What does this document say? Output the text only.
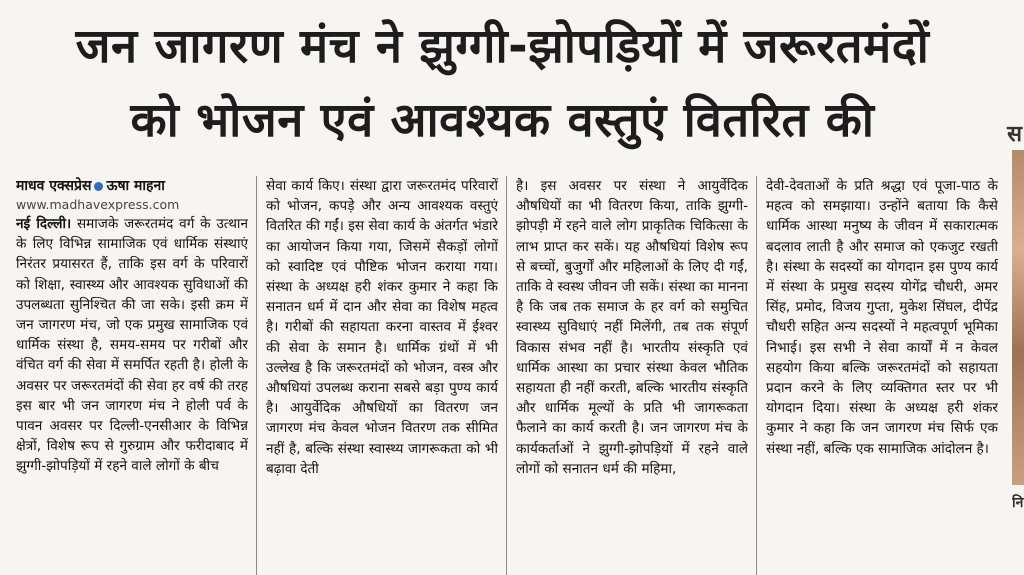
जन जागरण मंच ने झुग्गी-झोपड़ियों में जरूरतमंदों
को भोजन एवं आवश्यक वस्तुएं वितरित की	स
नि
माधव एक्सप्रेस ऊषा माहना
www.madhavexpress.com

नई दिल्ली। समाजके जरूरतमंद वर्ग के उत्थान के लिए विभिन्न सामाजिक एवं धार्मिक संस्थाएं निरंतर प्रयासरत हैं, ताकि इस वर्ग के परिवारों को शिक्षा, स्वास्थ्य और आवश्यक सुविधाओं की उपलब्धता सुनिश्चित की जा सके। इसी क्रम में जन जागरण मंच, जो एक प्रमुख सामाजिक एवं धार्मिक संस्था है, समय-समय पर गरीबों और वंचित वर्ग की सेवा में समर्पित रहती है। होली के अवसर पर जरूरतमंदों की सेवा हर वर्ष की तरह इस बार भी जन जागरण मंच ने होली पर्व के पावन अवसर पर दिल्ली-एनसीआर के विभिन्न क्षेत्रों, विशेष रूप से गुरुग्राम और फरीदाबाद में झुग्गी-झोपड़ियों में रहने वाले लोगों के बीच

सेवा कार्य किए। संस्था द्वारा जरूरतमंद परिवारों को भोजन, कपड़े और अन्य आवश्यक वस्तुएं वितरित की गईं। इस सेवा कार्य के अंतर्गत भंडारे का आयोजन किया गया, जिसमें सैकड़ों लोगों को स्वादिष्ट एवं पौष्टिक भोजन कराया गया। संस्था के अध्यक्ष हरी शंकर कुमार ने कहा कि सनातन धर्म में दान और सेवा का विशेष महत्व है। गरीबों की सहायता करना वास्तव में ईश्वर की सेवा के समान है। धार्मिक ग्रंथों में भी उल्लेख है कि जरूरतमंदों को भोजन, वस्त्र और औषधियां उपलब्ध कराना सबसे बड़ा पुण्य कार्य है। आयुर्वेदिक औषधियों का वितरण जन जागरण मंच केवल भोजन वितरण तक सीमित नहीं है, बल्कि संस्था स्वास्थ्य जागरूकता को भी बढ़ावा देती

है। इस अवसर पर संस्था ने आयुर्वेदिक औषधियों का भी वितरण किया, ताकि झुग्गी-झोपड़ी में रहने वाले लोग प्राकृतिक चिकित्सा के लाभ प्राप्त कर सकें। यह औषधियां विशेष रूप से बच्चों, बुजुर्गों और महिलाओं के लिए दी गईं, ताकि वे स्वस्थ जीवन जी सकें। संस्था का मानना है कि जब तक समाज के हर वर्ग को समुचित स्वास्थ्य सुविधाएं नहीं मिलेंगी, तब तक संपूर्ण विकास संभव नहीं है। भारतीय संस्कृति एवं धार्मिक आस्था का प्रचार संस्था केवल भौतिक सहायता ही नहीं करती, बल्कि भारतीय संस्कृति और धार्मिक मूल्यों के प्रति भी जागरूकता फैलाने का कार्य करती है। जन जागरण मंच के कार्यकर्ताओं ने झुग्गी-झोपड़ियों में रहने वाले लोगों को सनातन धर्म की महिमा,

देवी-देवताओं के प्रति श्रद्धा एवं पूजा-पाठ के महत्व को समझाया। उन्होंने बताया कि कैसे धार्मिक आस्था मनुष्य के जीवन में सकारात्मक बदलाव लाती है और समाज को एकजुट रखती है। संस्था के सदस्यों का योगदान इस पुण्य कार्य में संस्था के प्रमुख सदस्य योगेंद्र चौधरी, अमर सिंह, प्रमोद, विजय गुप्ता, मुकेश सिंघल, दीपेंद्र चौधरी सहित अन्य सदस्यों ने महत्वपूर्ण भूमिका निभाई। इस सभी ने सेवा कार्यों में न केवल सहयोग किया बल्कि जरूरतमंदों को सहायता प्रदान करने के लिए व्यक्तिगत स्तर पर भी योगदान दिया। संस्था के अध्यक्ष हरी शंकर कुमार ने कहा कि जन जागरण मंच सिर्फ एक संस्था नहीं, बल्कि एक सामाजिक आंदोलन है।
